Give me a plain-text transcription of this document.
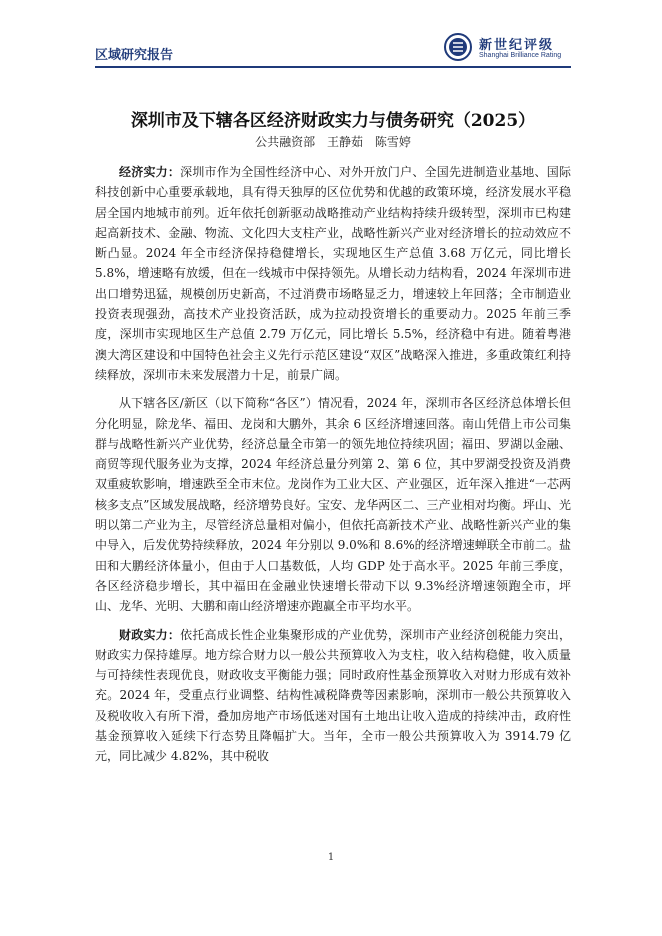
区域研究报告
新世纪评级
Shanghai Brilliance Rating
深圳市及下辖各区经济财政实力与债务研究（2025）
公共融资部 王静茹 陈雪婷

经济实力：深圳市作为全国性经济中心、对外开放门户、全国先进制造业基地、国际科技创新中心重要承载地，具有得天独厚的区位优势和优越的政策环境，经济发展水平稳居全国内地城市前列。近年依托创新驱动战略推动产业结构持续升级转型，深圳市已构建起高新技术、金融、物流、文化四大支柱产业，战略性新兴产业对经济增长的拉动效应不断凸显。2024 年全市经济保持稳健增长，实现地区生产总值 3.68 万亿元，同比增长 5.8%，增速略有放缓，但在一线城市中保持领先。从增长动力结构看，2024 年深圳市进出口增势迅猛，规模创历史新高，不过消费市场略显乏力，增速较上年回落；全市制造业投资表现强劲，高技术产业投资活跃，成为拉动投资增长的重要动力。2025 年前三季度，深圳市实现地区生产总值 2.79 万亿元，同比增长 5.5%，经济稳中有进。随着粤港澳大湾区建设和中国特色社会主义先行示范区建设“双区”战略深入推进，多重政策红利持续释放，深圳市未来发展潜力十足，前景广阔。

从下辖各区/新区（以下简称“各区”）情况看，2024 年，深圳市各区经济总体增长但分化明显，除龙华、福田、龙岗和大鹏外，其余 6 区经济增速回落。南山凭借上市公司集群与战略性新兴产业优势，经济总量全市第一的领先地位持续巩固；福田、罗湖以金融、商贸等现代服务业为支撑，2024 年经济总量分列第 2、第 6 位，其中罗湖受投资及消费双重疲软影响，增速跌至全市末位。龙岗作为工业大区、产业强区，近年深入推进“一芯两核多支点”区域发展战略，经济增势良好。宝安、龙华两区二、三产业相对均衡。坪山、光明以第二产业为主，尽管经济总量相对偏小，但依托高新技术产业、战略性新兴产业的集中导入，后发优势持续释放，2024 年分别以 9.0%和 8.6%的经济增速蝉联全市前二。盐田和大鹏经济体量小，但由于人口基数低，人均 GDP 处于高水平。2025 年前三季度，各区经济稳步增长，其中福田在金融业快速增长带动下以 9.3%经济增速领跑全市，坪山、龙华、光明、大鹏和南山经济增速亦跑赢全市平均水平。

财政实力：依托高成长性企业集聚形成的产业优势，深圳市产业经济创税能力突出，财政实力保持雄厚。地方综合财力以一般公共预算收入为支柱，收入结构稳健，收入质量与可持续性表现优良，财政收支平衡能力强；同时政府性基金预算收入对财力形成有效补充。2024 年，受重点行业调整、结构性减税降费等因素影响，深圳市一般公共预算收入及税收收入有所下滑，叠加房地产市场低迷对国有土地出让收入造成的持续冲击，政府性基金预算收入延续下行态势且降幅扩大。当年，全市一般公共预算收入为 3914.79 亿元，同比减少 4.82%，其中税收

1
